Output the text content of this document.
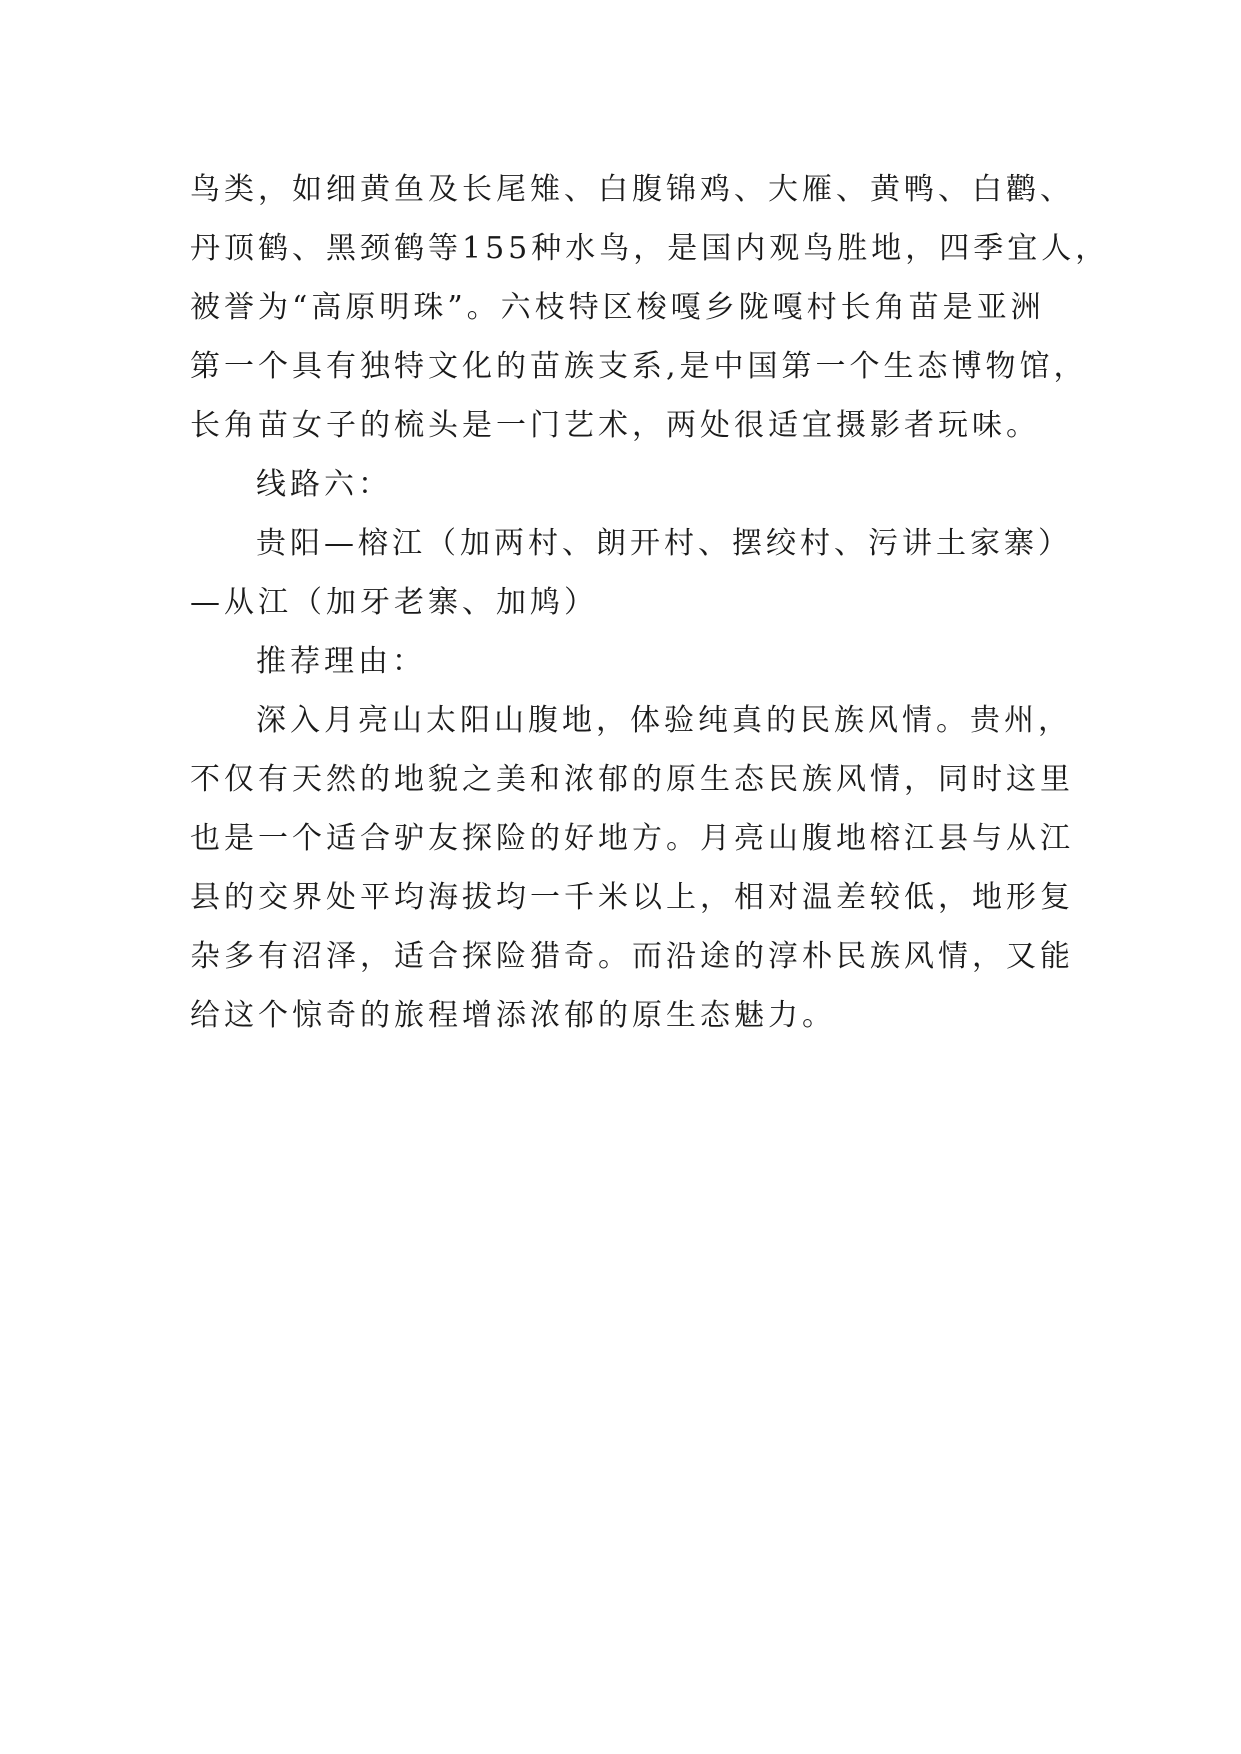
鸟类，如细黄鱼及长尾雉、白腹锦鸡、大雁、黄鸭、白鹳、
丹顶鹤、黑颈鹤等155种水鸟，是国内观鸟胜地，四季宜人，
被誉为“高原明珠”。六枝特区梭嘎乡陇嘎村长角苗是亚洲
第一个具有独特文化的苗族支系,是中国第一个生态博物馆，
长角苗女子的梳头是一门艺术，两处很适宜摄影者玩味。
线路六：
贵阳—榕江（加两村、朗开村、摆绞村、污讲土家寨）
—从江（加牙老寨、加鸠）
推荐理由：
深入月亮山太阳山腹地，体验纯真的民族风情。贵州，
不仅有天然的地貌之美和浓郁的原生态民族风情，同时这里
也是一个适合驴友探险的好地方。月亮山腹地榕江县与从江
县的交界处平均海拔均一千米以上，相对温差较低，地形复
杂多有沼泽，适合探险猎奇。而沿途的淳朴民族风情，又能
给这个惊奇的旅程增添浓郁的原生态魅力。
